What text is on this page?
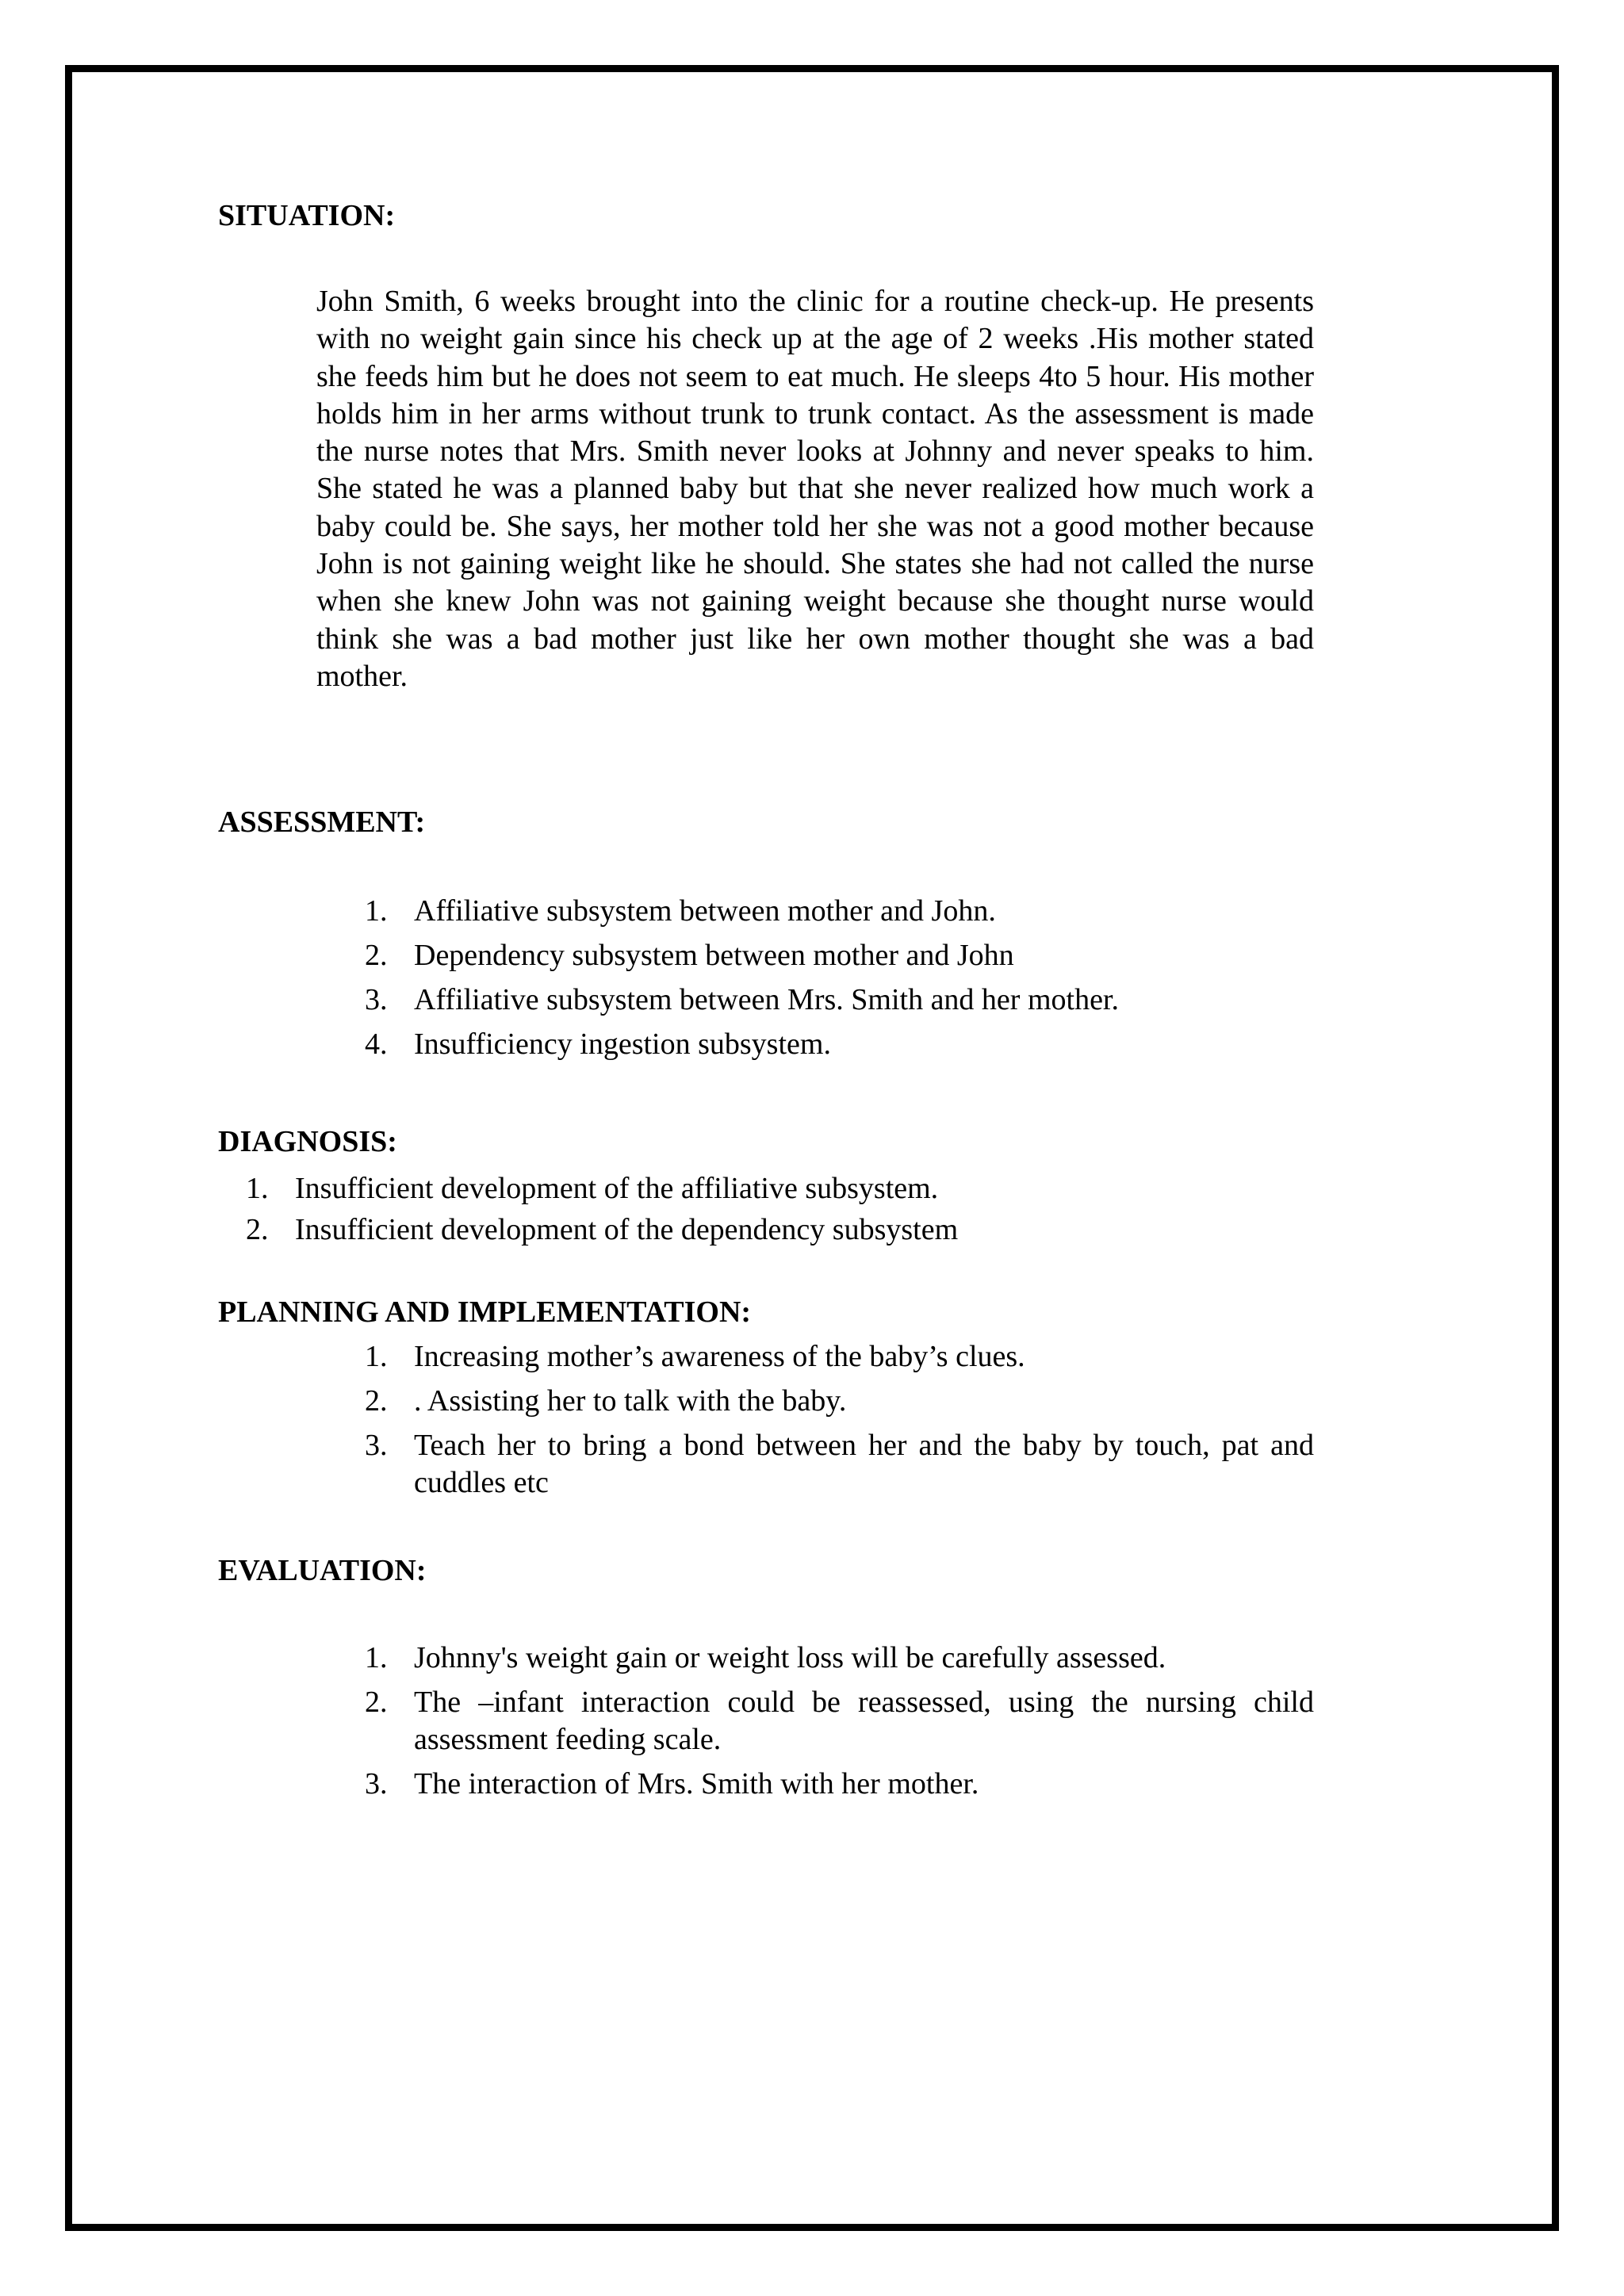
SITUATION:

John Smith, 6 weeks brought into the clinic for a routine check-up. He presents with no weight gain since his check up at the age of 2 weeks .His mother stated she feeds him but he does not seem to eat much. He sleeps 4to 5 hour. His mother holds him in her arms without trunk to trunk contact. As the assessment is made the nurse notes that Mrs. Smith never looks at Johnny and never speaks to him. She stated he was a planned baby but that she never realized how much work a baby could be. She says, her mother told her she was not a good mother because John is not gaining weight like he should. She states she had not called the nurse when she knew John was not gaining weight because she thought nurse would think she was a bad mother just like her own mother thought she was a bad mother.

ASSESSMENT:
1. Affiliative subsystem between mother and John.
2. Dependency subsystem between mother and John
3. Affiliative subsystem between Mrs. Smith and her mother.
4. Insufficiency ingestion subsystem.
DIAGNOSIS:
1. Insufficient development of the affiliative subsystem.
2. Insufficient development of the dependency subsystem
PLANNING AND IMPLEMENTATION:
1. Increasing mother’s awareness of the baby’s clues.
2. . Assisting her to talk with the baby.
3. Teach her to bring a bond between her and the baby by touch, pat and cuddles etc
EVALUATION:
1. Johnny's weight gain or weight loss will be carefully assessed.
2. The –infant interaction could be reassessed, using the nursing child assessment feeding scale.
3. The interaction of Mrs. Smith with her mother.
